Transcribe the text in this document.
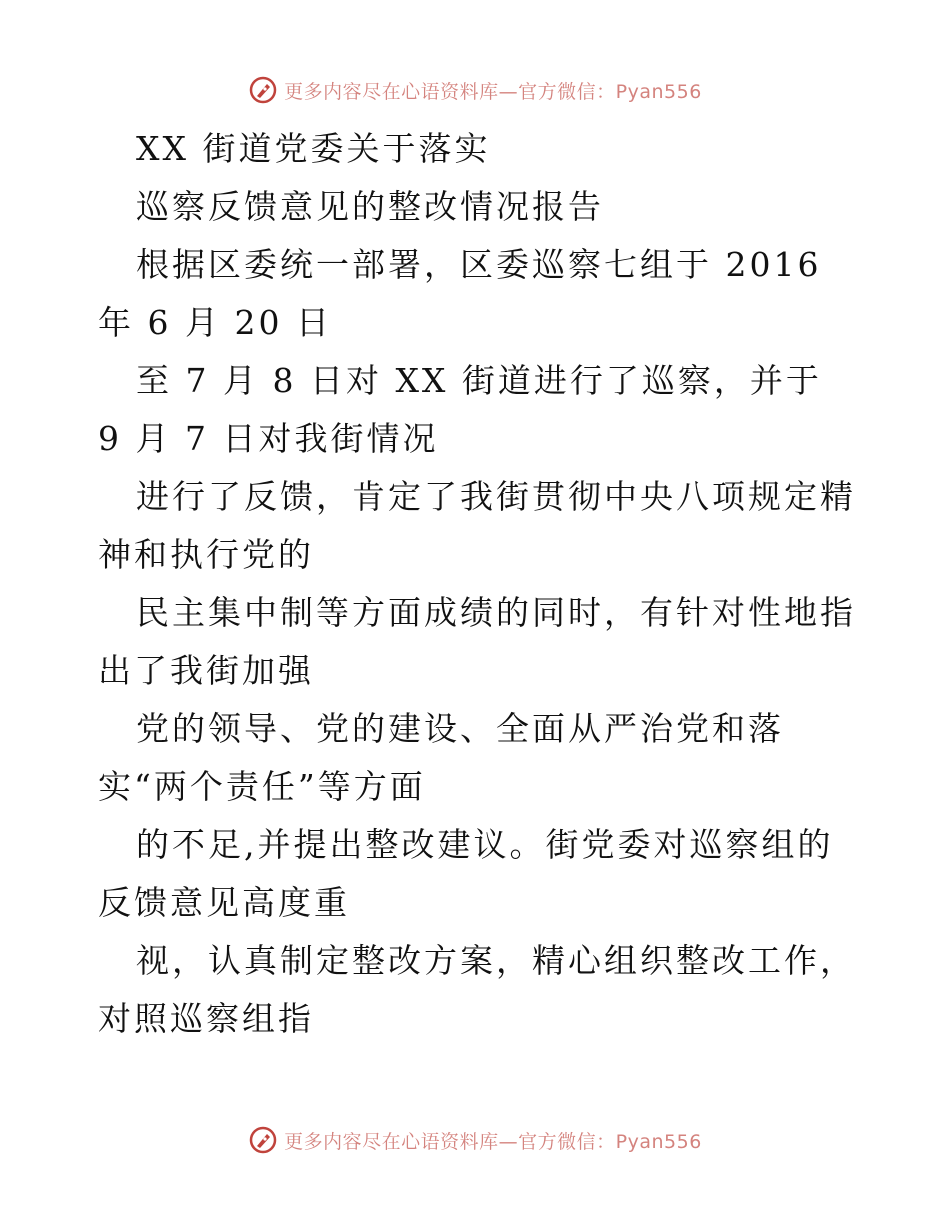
更多内容尽在心语资料库—官方微信：Pyan556

XX 街道党委关于落实

巡察反馈意见的整改情况报告

根据区委统一部署，区委巡察七组于 2016 年 6 月 20 日

至 7 月 8 日对 XX 街道进行了巡察，并于 9 月 7 日对我街情况

进行了反馈，肯定了我街贯彻中央八项规定精神和执行党的

民主集中制等方面成绩的同时，有针对性地指出了我街加强

党的领导、党的建设、全面从严治党和落实“两个责任”等方面

的不足,并提出整改建议。街党委对巡察组的反馈意见高度重

视，认真制定整改方案，精心组织整改工作，对照巡察组指

更多内容尽在心语资料库—官方微信：Pyan556
